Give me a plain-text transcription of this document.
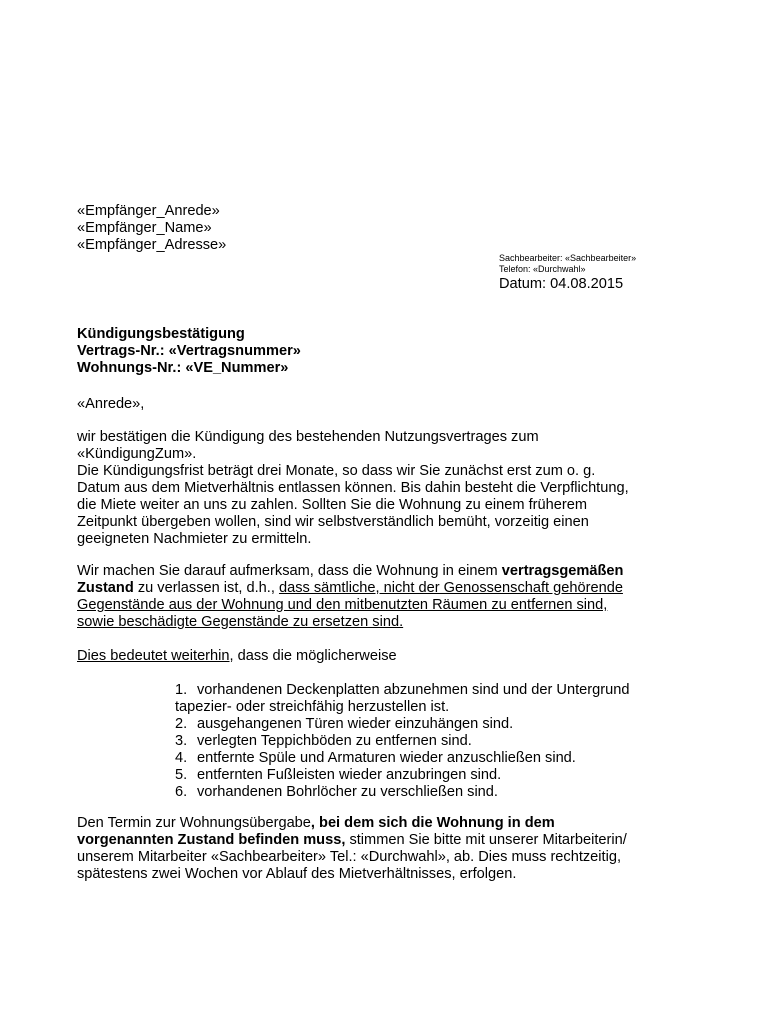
«Empfänger_Anrede»
«Empfänger_Name»
«Empfänger_Adresse»
Sachbearbeiter: «Sachbearbeiter»
Telefon: «Durchwahl»
Datum: 04.08.2015
Kündigungsbestätigung
Vertrags-Nr.: «Vertragsnummer»
Wohnungs-Nr.: «VE_Nummer»
«Anrede»,
wir bestätigen die Kündigung des bestehenden Nutzungsvertrages zum
«KündigungZum».
Die Kündigungsfrist beträgt drei Monate, so dass wir Sie zunächst erst zum o. g.
Datum aus dem Mietverhältnis entlassen können. Bis dahin besteht die Verpflichtung,
die Miete weiter an uns zu zahlen. Sollten Sie die Wohnung zu einem früherem
Zeitpunkt übergeben wollen, sind wir selbstverständlich bemüht, vorzeitig einen
geeigneten Nachmieter zu ermitteln.
Wir machen Sie darauf aufmerksam, dass die Wohnung in einem vertragsgemäßen
Zustand zu verlassen ist, d.h., dass sämtliche, nicht der Genossenschaft gehörende
Gegenstände aus der Wohnung und den mitbenutzten Räumen zu entfernen sind,
sowie beschädigte Gegenstände zu ersetzen sind.
Dies bedeutet weiterhin, dass die möglicherweise
1. vorhandenen Deckenplatten abzunehmen sind und der Untergrund
tapezier- oder streichfähig herzustellen ist.
2. ausgehangenen Türen wieder einzuhängen sind.
3. verlegten Teppichböden zu entfernen sind.
4. entfernte Spüle und Armaturen wieder anzuschließen sind.
5. entfernten Fußleisten wieder anzubringen sind.
6. vorhandenen Bohrlöcher zu verschließen sind.
Den Termin zur Wohnungsübergabe, bei dem sich die Wohnung in dem
vorgenannten Zustand befinden muss, stimmen Sie bitte mit unserer Mitarbeiterin/
unserem Mitarbeiter «Sachbearbeiter» Tel.: «Durchwahl», ab. Dies muss rechtzeitig,
spätestens zwei Wochen vor Ablauf des Mietverhältnisses, erfolgen.
